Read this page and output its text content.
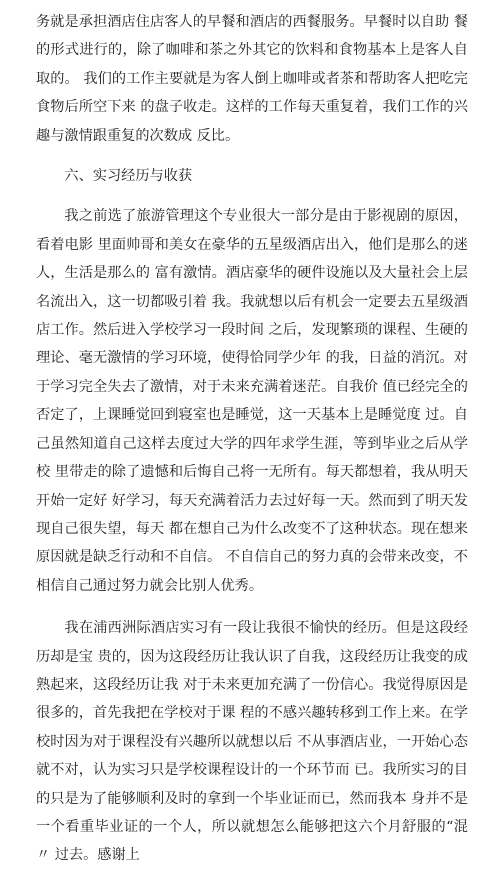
务就是承担酒店住店客人的早餐和酒店的西餐服务。早餐时以自助 餐的形式进行的，除了咖啡和茶之外其它的饮料和食物基本上是客人自取的。 我们的工作主要就是为客人倒上咖啡或者茶和帮助客人把吃完食物后所空下来 的盘子收走。这样的工作每天重复着，我们工作的兴趣与激情跟重复的次数成 反比。

六、实习经历与收获

我之前选了旅游管理这个专业很大一部分是由于影视剧的原因，看着电影 里面帅哥和美女在豪华的五星级酒店出入，他们是那么的迷人，生活是那么的 富有激情。酒店豪华的硬件设施以及大量社会上层名流出入，这一切都吸引着 我。我就想以后有机会一定要去五星级酒店工作。然后进入学校学习一段时间 之后，发现繁琐的课程、生硬的理论、毫无激情的学习环境，使得恰同学少年 的我，日益的消沉。对于学习完全失去了激情，对于未来充满着迷茫。自我价 值已经完全的否定了，上课睡觉回到寝室也是睡觉，这一天基本上是睡觉度 过。自己虽然知道自己这样去度过大学的四年求学生涯，等到毕业之后从学校 里带走的除了遗憾和后悔自己将一无所有。每天都想着，我从明天开始一定好 好学习，每天充满着活力去过好每一天。然而到了明天发现自己很失望，每天 都在想自己为什么改变不了这种状态。现在想来原因就是缺乏行动和不自信。 不自信自己的努力真的会带来改变，不相信自己通过努力就会比别人优秀。

我在浦西洲际酒店实习有一段让我很不愉快的经历。但是这段经历却是宝 贵的，因为这段经历让我认识了自我，这段经历让我变的成熟起来，这段经历让我 对于未来更加充满了一份信心。我觉得原因是很多的，首先我把在学校对于课 程的不感兴趣转移到工作上来。在学校时因为对于课程没有兴趣所以就想以后 不从事酒店业，一开始心态就不对，认为实习只是学校课程设计的一个环节而 已。我所实习的目的只是为了能够顺利及时的拿到一个毕业证而已，然而我本 身并不是一个看重毕业证的一个人，所以就想怎么能够把这六个月舒服的“混〃 过去。感谢上
